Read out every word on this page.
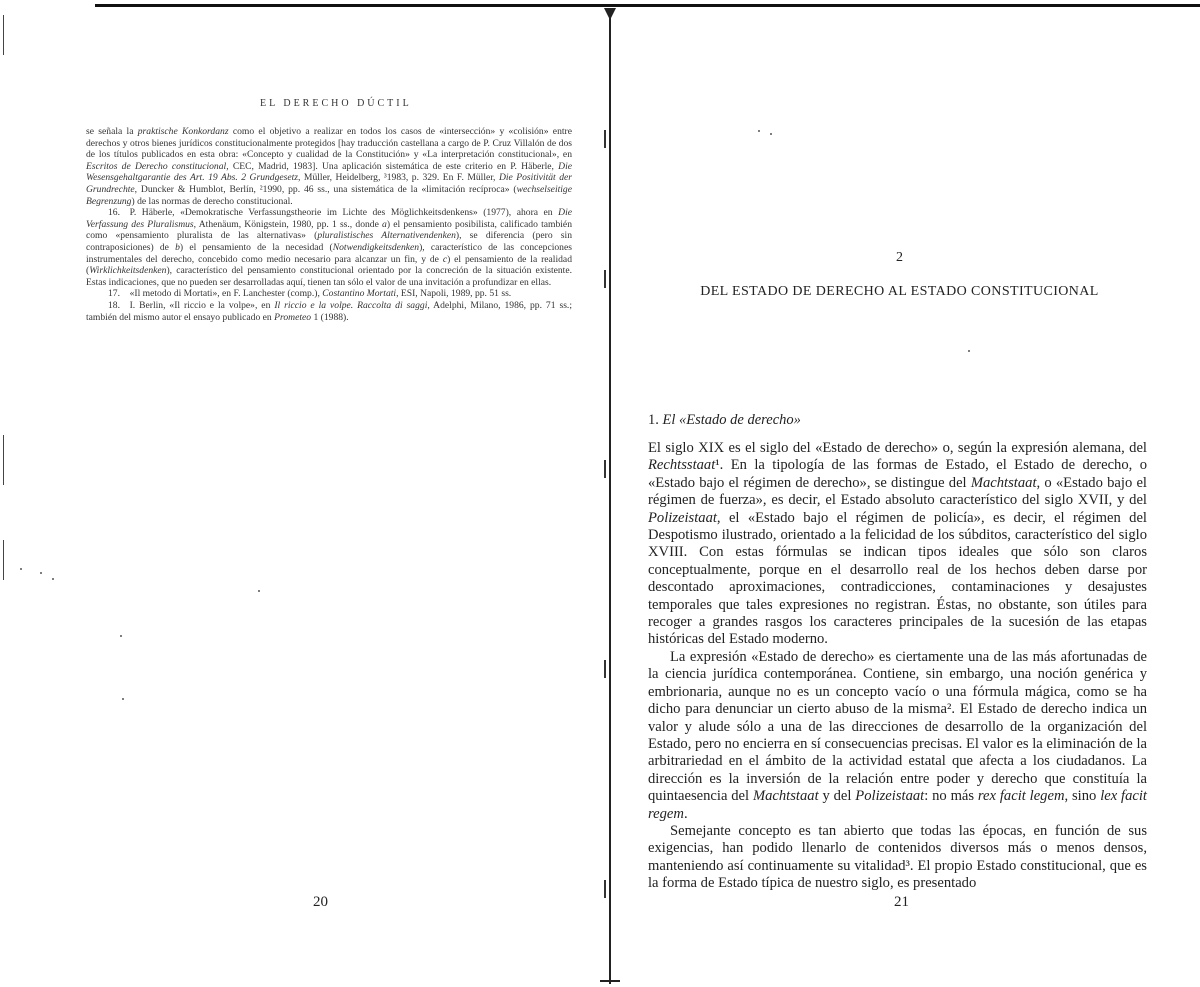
EL DERECHO DÚCTIL

se señala la praktische Konkordanz como el objetivo a realizar en todos los casos de «intersección» y «colisión» entre derechos y otros bienes jurídicos constitucionalmente protegidos [hay traducción castellana a cargo de P. Cruz Villalón de dos de los títulos publicados en esta obra: «Concepto y cualidad de la Constitución» y «La interpretación constitucional», en Escritos de Derecho constitucional, CEC, Madrid, 1983]. Una aplicación sistemática de este criterio en P. Häberle, Die Wesensgehaltgarantie des Art. 19 Abs. 2 Grundgesetz, Müller, Heidelberg, ³1983, p. 329. En F. Müller, Die Positivität der Grundrechte, Duncker & Humblot, Berlín, ²1990, pp. 46 ss., una sistemática de la «limitación recíproca» (wechselseitige Begrenzung) de las normas de derecho constitucional.

16. P. Häberle, «Demokratische Verfassungstheorie im Lichte des Möglichkeitsdenkens» (1977), ahora en Die Verfassung des Pluralismus, Athenäum, Königstein, 1980, pp. 1 ss., donde a) el pensamiento posibilista, calificado también como «pensamiento pluralista de las alternativas» (pluralistisches Alternativendenken), se diferencia (pero sin contraposiciones) de b) el pensamiento de la necesidad (Notwendigkeitsdenken), característico de las concepciones instrumentales del derecho, concebido como medio necesario para alcanzar un fin, y de c) el pensamiento de la realidad (Wirklichkeitsdenken), característico del pensamiento constitucional orientado por la concreción de la situación existente. Estas indicaciones, que no pueden ser desarrolladas aquí, tienen tan sólo el valor de una invitación a profundizar en ellas.

17. «Il metodo di Mortati», en F. Lanchester (comp.), Costantino Mortati, ESI, Napoli, 1989, pp. 51 ss.

18. I. Berlin, «Il riccio e la volpe», en Il riccio e la volpe. Raccolta di saggi, Adelphi, Milano, 1986, pp. 71 ss.; también del mismo autor el ensayo publicado en Prometeo 1 (1988).

20
2
DEL ESTADO DE DERECHO AL ESTADO CONSTITUCIONAL
1. El «Estado de derecho»

El siglo XIX es el siglo del «Estado de derecho» o, según la expresión alemana, del Rechtsstaat¹. En la tipología de las formas de Estado, el Estado de derecho, o «Estado bajo el régimen de derecho», se distingue del Machtstaat, o «Estado bajo el régimen de fuerza», es decir, el Estado absoluto característico del siglo XVII, y del Polizeistaat, el «Estado bajo el régimen de policía», es decir, el régimen del Despotismo ilustrado, orientado a la felicidad de los súbditos, característico del siglo XVIII. Con estas fórmulas se indican tipos ideales que sólo son claros conceptualmente, porque en el desarrollo real de los hechos deben darse por descontado aproximaciones, contradicciones, contaminaciones y desajustes temporales que tales expresiones no registran. Éstas, no obstante, son útiles para recoger a grandes rasgos los caracteres principales de la sucesión de las etapas históricas del Estado moderno.

La expresión «Estado de derecho» es ciertamente una de las más afortunadas de la ciencia jurídica contemporánea. Contiene, sin embargo, una noción genérica y embrionaria, aunque no es un concepto vacío o una fórmula mágica, como se ha dicho para denunciar un cierto abuso de la misma². El Estado de derecho indica un valor y alude sólo a una de las direcciones de desarrollo de la organización del Estado, pero no encierra en sí consecuencias precisas. El valor es la eliminación de la arbitrariedad en el ámbito de la actividad estatal que afecta a los ciudadanos. La dirección es la inversión de la relación entre poder y derecho que constituía la quintaesencia del Machtstaat y del Polizeistaat: no más rex facit legem, sino lex facit regem.

Semejante concepto es tan abierto que todas las épocas, en función de sus exigencias, han podido llenarlo de contenidos diversos más o menos densos, manteniendo así continuamente su vitalidad³. El propio Estado constitucional, que es la forma de Estado típica de nuestro siglo, es presentado

21
